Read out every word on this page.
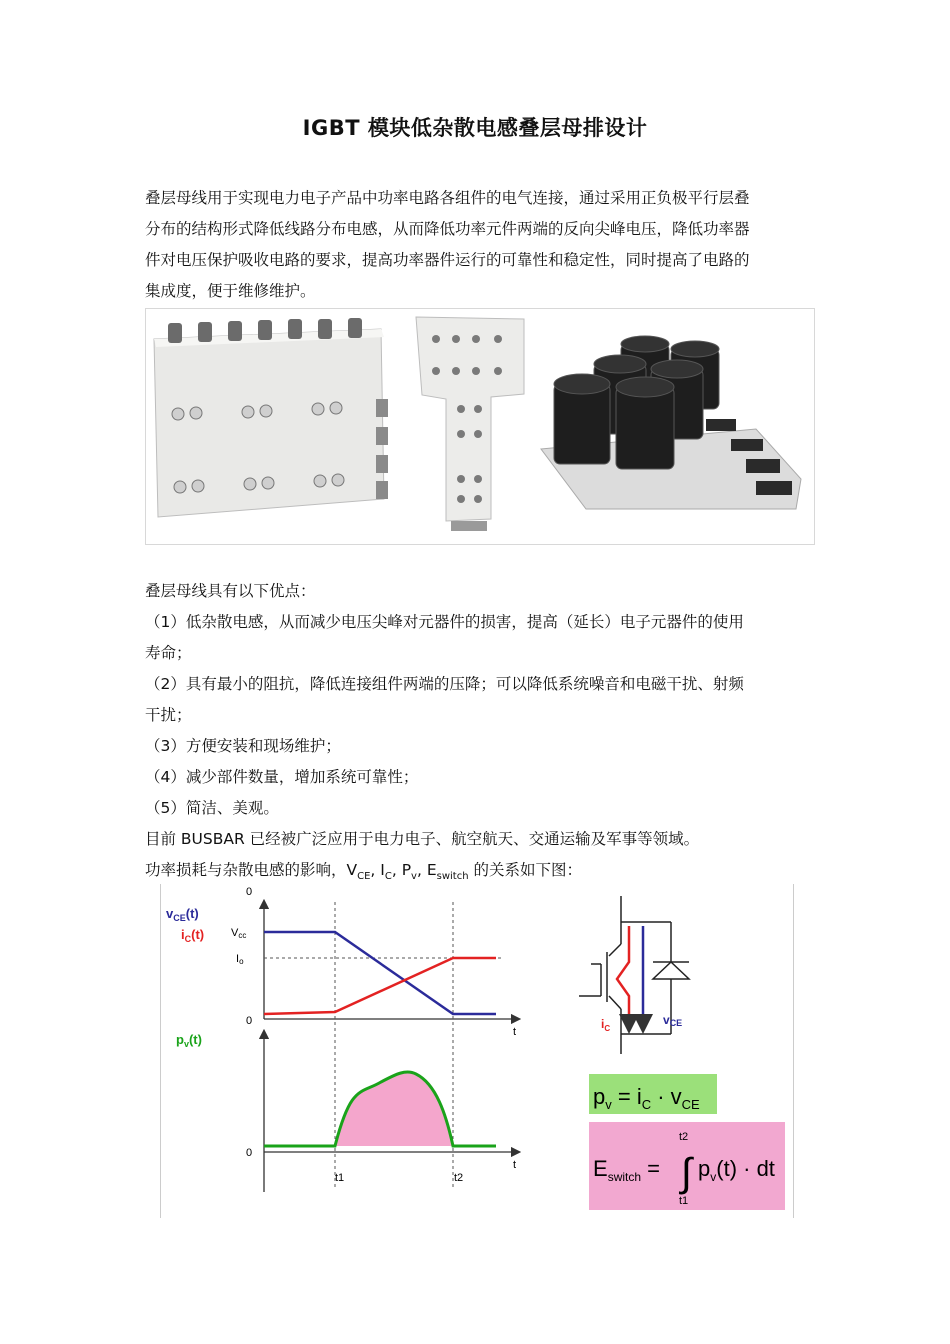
IGBT 模块低杂散电感叠层母排设计
叠层母线用于实现电力电子产品中功率电路各组件的电气连接，通过采用正负极平行层叠
分布的结构形式降低线路分布电感，从而降低功率元件两端的反向尖峰电压，降低功率器
件对电压保护吸收电路的要求，提高功率器件运行的可靠性和稳定性，同时提高了电路的
集成度，便于维修维护。
叠层母线具有以下优点：
（1）低杂散电感，从而减少电压尖峰对元器件的损害，提高（延长）电子元器件的使用
寿命；
（2）具有最小的阻抗，降低连接组件两端的压降；可以降低系统噪音和电磁干扰、射频
干扰；
（3）方便安装和现场维护；
（4）减少部件数量，增加系统可靠性；
（5）简洁、美观。
目前 BUSBAR 已经被广泛应用于电力电子、航空航天、交通运输及军事等领域。
功率损耗与杂散电感的影响，$V_{CE}$, $I_C$, $P_v$, $E_{switch}$ 的关系如下图：
0
$v_{CE}(t)$
$i_C(t)$ Vcc
Io
0
t
$p_v(t)$
0
t
t1	t2
$i_C$
vCE
$p_v = i_C \cdot v_{CE}$
$E_{switch}$ = ∫
t2
t1
$p_v(t)$ · dt
